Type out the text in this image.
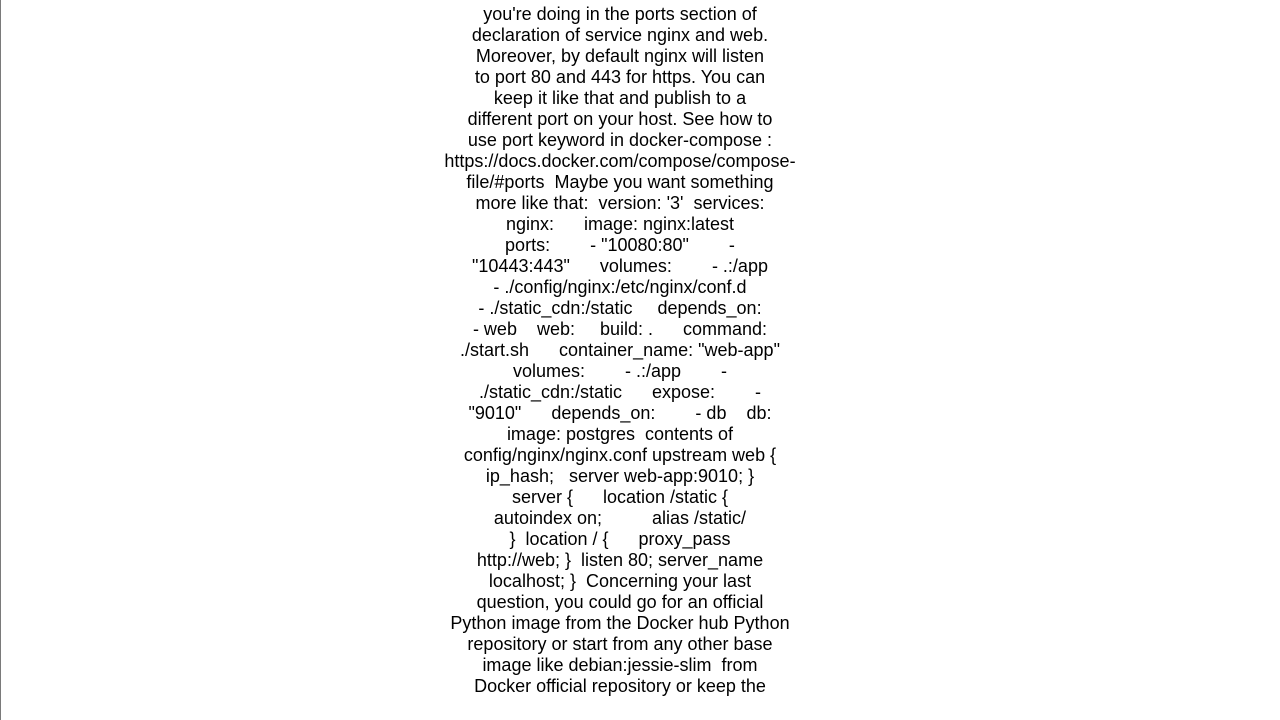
you're doing in the ports section of
declaration of service nginx and web.
Moreover, by default nginx will listen
to port 80 and 443 for https. You can
keep it like that and publish to a
different port on your host. See how to
use port keyword in docker-compose :
https://docs.docker.com/compose/compose-
file/#ports  Maybe you want something
more like that:  version: '3'  services:
nginx:      image: nginx:latest
ports:        - "10080:80"        -
"10443:443"      volumes:        - .:/app
- ./config/nginx:/etc/nginx/conf.d
- ./static_cdn:/static     depends_on:
- web    web:     build: .      command:
./start.sh      container_name: "web-app"
volumes:        - .:/app        -
./static_cdn:/static      expose:        -
"9010"      depends_on:        - db    db:
image: postgres  contents of
config/nginx/nginx.conf upstream web {
ip_hash;   server web-app:9010; }
server {      location /static {
autoindex on;          alias /static/
}  location / {      proxy_pass
http://web; }  listen 80; server_name
localhost; }  Concerning your last
question, you could go for an official
Python image from the Docker hub Python
repository or start from any other base
image like debian:jessie-slim  from
Docker official repository or keep the
